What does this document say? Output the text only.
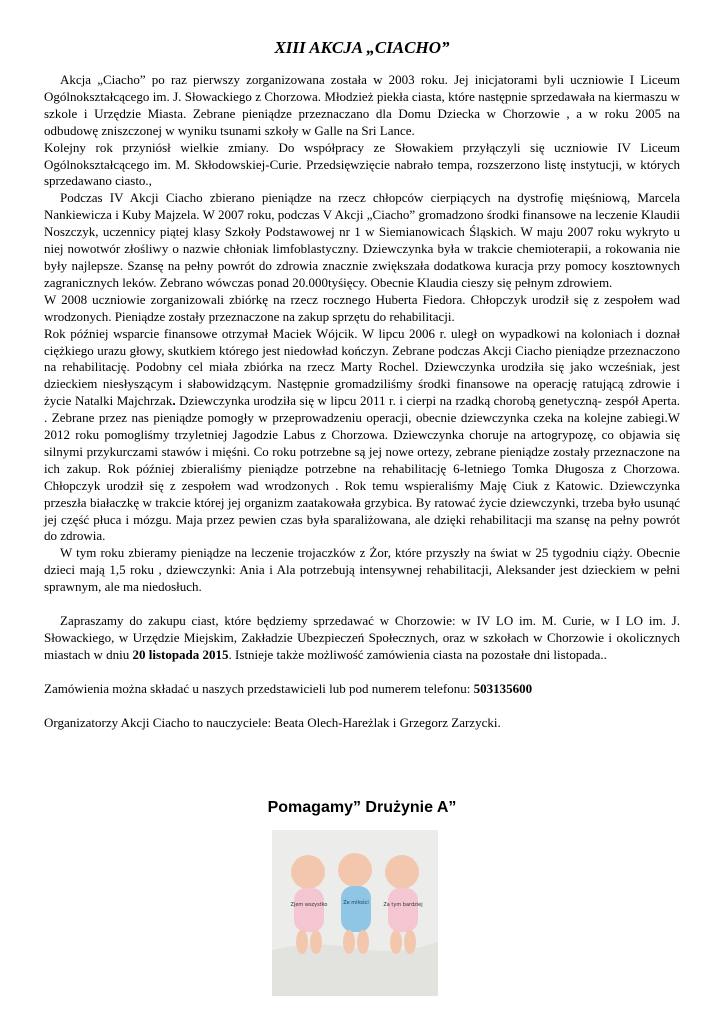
XIII AKCJA „CIACHO”

Akcja „Ciacho” po raz pierwszy zorganizowana została w 2003 roku. Jej inicjatorami byli uczniowie I Liceum Ogólnokształcącego im. J. Słowackiego z Chorzowa. Młodzież piekła ciasta, które następnie sprzedawała na kiermaszu w szkole i Urzędzie Miasta. Zebrane pieniądze przeznaczano dla Domu Dziecka w Chorzowie , a w roku 2005 na odbudowę zniszczonej w wyniku tsunami szkoły w Galle na Sri Lance.

Kolejny rok przyniósł wielkie zmiany. Do współpracy ze Słowakiem przyłączyli się uczniowie IV Liceum Ogólnokształcącego im. M. Skłodowskiej-Curie. Przedsięwzięcie nabrało tempa, rozszerzono listę instytucji, w których sprzedawano ciasto.,

Podczas IV Akcji Ciacho zbierano pieniądze na rzecz chłopców cierpiących na dystrofię mięśniową, Marcela Nankiewicza i Kuby Majzela. W 2007 roku, podczas V Akcji „Ciacho” gromadzono środki finansowe na leczenie Klaudii Noszczyk, uczennicy piątej klasy Szkoły Podstawowej nr 1 w Siemianowicach Śląskich. W maju 2007 roku wykryto u niej nowotwór złośliwy o nazwie chłoniak limfoblastyczny. Dziewczynka była w trakcie chemioterapii, a rokowania nie były najlepsze. Szansę na pełny powrót do zdrowia znacznie zwiększała dodatkowa kuracja przy pomocy kosztownych zagranicznych leków. Zebrano wówczas ponad 20.000tyśięcy. Obecnie Klaudia cieszy się pełnym zdrowiem.

W 2008 uczniowie zorganizowali zbiórkę na rzecz rocznego Huberta Fiedora. Chłopczyk urodził się z zespołem wad wrodzonych. Pieniądze zostały przeznaczone na zakup sprzętu do rehabilitacji.

Rok później wsparcie finansowe otrzymał Maciek Wójcik. W lipcu 2006 r. uległ on wypadkowi na koloniach i doznał ciężkiego urazu głowy, skutkiem którego jest niedowład kończyn. Zebrane podczas Akcji Ciacho pieniądze przeznaczono na rehabilitację. Podobny cel miała zbiórka na rzecz Marty Rochel. Dziewczynka urodziła się jako wcześniak, jest dzieckiem niesłyszącym i słabowidzącym. Następnie gromadziliśmy środki finansowe na operację ratującą zdrowie i życie Natalki Majchrzak. Dziewczynka urodziła się w lipcu 2011 r. i cierpi na rzadką chorobą genetyczną- zespół Aperta. . Zebrane przez nas pieniądze pomogły w przeprowadzeniu operacji, obecnie dziewczynka czeka na kolejne zabiegi.W 2012 roku pomogliśmy trzyletniej Jagodzie Labus z Chorzowa. Dziewczynka choruje na artogrypozę, co objawia się silnymi przykurczami stawów i mięśni. Co roku potrzebne są jej nowe ortezy, zebrane pieniądze zostały przeznaczone na ich zakup. Rok później zbieraliśmy pieniądze potrzebne na rehabilitację 6-letniego Tomka Długosza z Chorzowa. Chłopczyk urodził się z zespołem wad wrodzonych . Rok temu wspieraliśmy Maję Ciuk z Katowic. Dziewczynka przeszła białaczkę w trakcie której jej organizm zaatakowała grzybica. By ratować życie dziewczynki, trzeba było usunąć jej część płuca i mózgu. Maja przez pewien czas była sparaliżowana, ale dzięki rehabilitacji ma szansę na pełny powrót do zdrowia.

W tym roku zbieramy pieniądze na leczenie trojaczków z Żor, które przyszły na świat w 25 tygodniu ciąży. Obecnie dzieci mają 1,5 roku , dziewczynki: Ania i Ala potrzebują intensywnej rehabilitacji, Aleksander jest dzieckiem w pełni sprawnym, ale ma niedosłuch.

Zapraszamy do zakupu ciast, które będziemy sprzedawać w Chorzowie: w IV LO im. M. Curie, w I LO im. J. Słowackiego, w Urzędzie Miejskim, Zakładzie Ubezpieczeń Społecznych, oraz w szkołach w Chorzowie i okolicznych miastach w dniu 20 listopada 2015. Istnieje także możliwość zamówienia ciasta na pozostałe dni listopada..

Zamówienia można składać u naszych przedstawicieli lub pod numerem telefonu: 503135600

Organizatorzy Akcji Ciacho to nauczyciele: Beata Olech-Hareżlak i Grzegorz Zarzycki.

Pomagamy” Drużynie A”
Zjem wszystko	Ze miłości	Za tym bardziej
